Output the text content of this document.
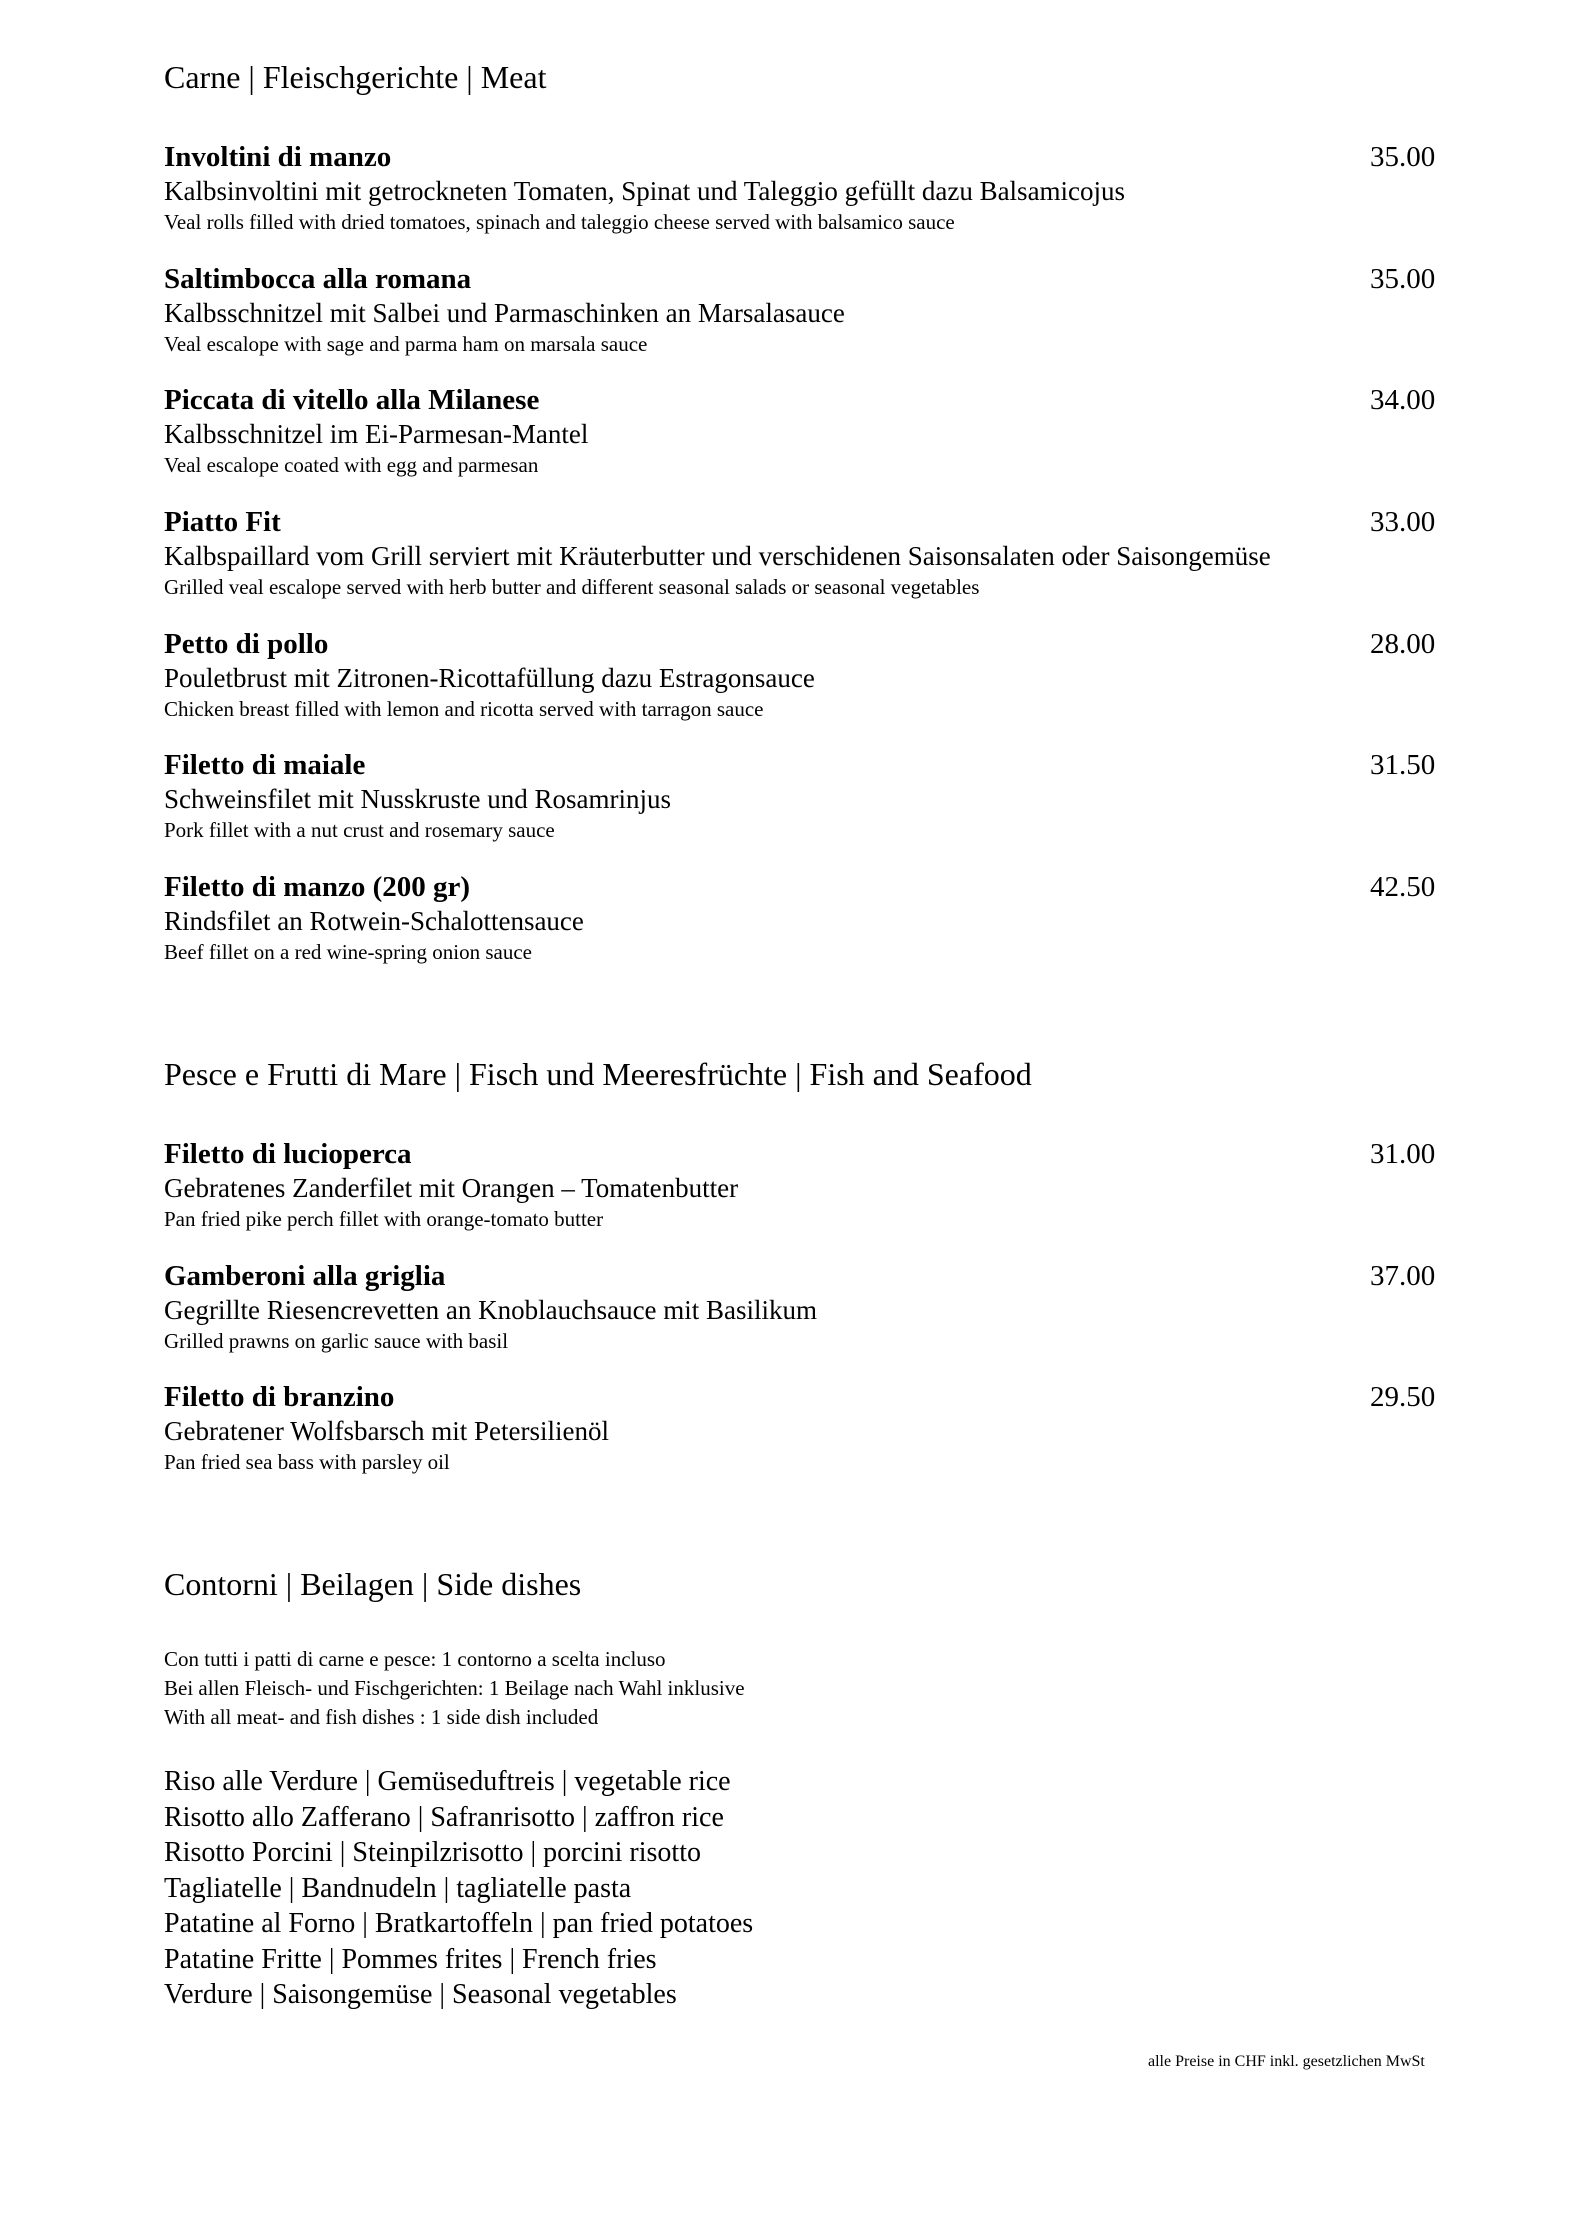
Carne | Fleischgerichte | Meat
Involtini di manzo	35.00
Kalbsinvoltini mit getrockneten Tomaten, Spinat und Taleggio gefüllt dazu Balsamicojus
Veal rolls filled with dried tomatoes, spinach and taleggio cheese served with balsamico sauce
Saltimbocca alla romana	35.00
Kalbsschnitzel mit Salbei und Parmaschinken an Marsalasauce
Veal escalope with sage and parma ham on marsala sauce
Piccata di vitello alla Milanese	34.00
Kalbsschnitzel im Ei-Parmesan-Mantel
Veal escalope coated with egg and parmesan
Piatto Fit	33.00
Kalbspaillard vom Grill serviert mit Kräuterbutter und verschidenen Saisonsalaten oder Saisongemüse
Grilled veal escalope served with herb butter and different seasonal salads or seasonal vegetables
Petto di pollo	28.00
Pouletbrust mit Zitronen-Ricottafüllung dazu Estragonsauce
Chicken breast filled with lemon and ricotta served with tarragon sauce
Filetto di maiale	31.50
Schweinsfilet mit Nusskruste und Rosamrinjus
Pork fillet with a nut crust and rosemary sauce
Filetto di manzo (200 gr)	42.50
Rindsfilet an Rotwein-Schalottensauce
Beef fillet on a red wine-spring onion sauce
Pesce e Frutti di Mare | Fisch und Meeresfrüchte | Fish and Seafood
Filetto di lucioperca	31.00
Gebratenes Zanderfilet mit Orangen – Tomatenbutter
Pan fried pike perch fillet with orange-tomato butter
Gamberoni alla griglia	37.00
Gegrillte Riesencrevetten an Knoblauchsauce mit Basilikum
Grilled prawns on garlic sauce with basil
Filetto di branzino	29.50
Gebratener Wolfsbarsch mit Petersilienöl
Pan fried sea bass with parsley oil
Contorni | Beilagen | Side dishes
Con tutti i patti di carne e pesce: 1 contorno a scelta incluso
Bei allen Fleisch- und Fischgerichten: 1 Beilage nach Wahl inklusive
With all meat- and fish dishes : 1 side dish included
Riso alle Verdure | Gemüseduftreis | vegetable rice
Risotto allo Zafferano | Safranrisotto | zaffron rice
Risotto Porcini | Steinpilzrisotto | porcini risotto
Tagliatelle | Bandnudeln | tagliatelle pasta
Patatine al Forno | Bratkartoffeln | pan fried potatoes
Patatine Fritte | Pommes frites | French fries
Verdure | Saisongemüse | Seasonal vegetables
alle Preise in CHF inkl. gesetzlichen MwSt
